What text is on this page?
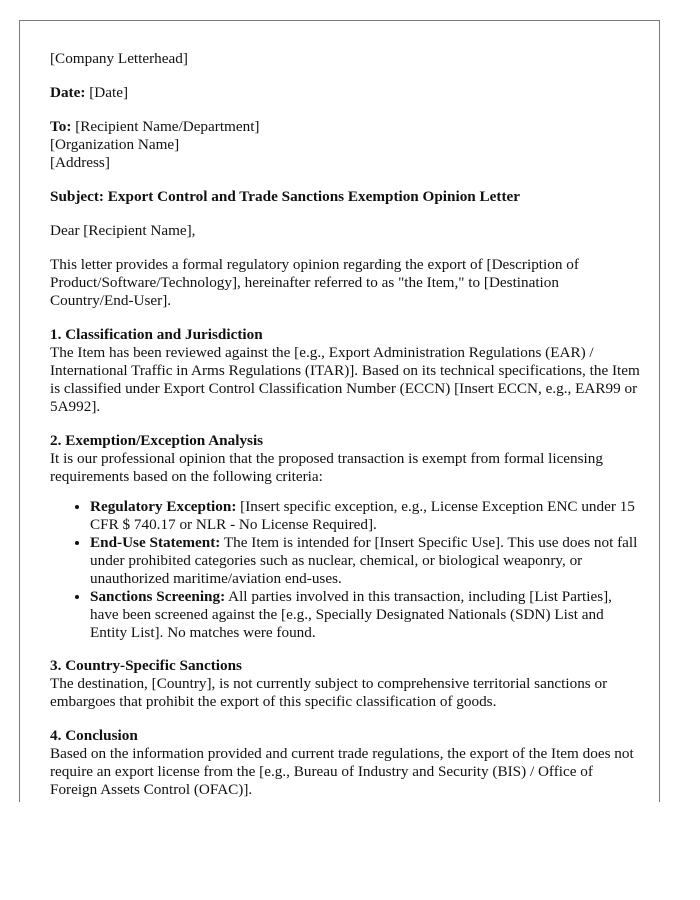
[Company Letterhead]

Date: [Date]

To: [Recipient Name/Department]
[Organization Name]
[Address]

Subject: Export Control and Trade Sanctions Exemption Opinion Letter

Dear [Recipient Name],

This letter provides a formal regulatory opinion regarding the export of [Description of Product/Software/Technology], hereinafter referred to as "the Item," to [Destination Country/End-User].

1. Classification and Jurisdiction

The Item has been reviewed against the [e.g., Export Administration Regulations (EAR) / International Traffic in Arms Regulations (ITAR)]. Based on its technical specifications, the Item is classified under Export Control Classification Number (ECCN) [Insert ECCN, e.g., EAR99 or 5A992].

2. Exemption/Exception Analysis

It is our professional opinion that the proposed transaction is exempt from formal licensing requirements based on the following criteria:

• Regulatory Exception: [Insert specific exception, e.g., License Exception ENC under 15 CFR $ 740.17 or NLR - No License Required].
• End-Use Statement: The Item is intended for [Insert Specific Use]. This use does not fall under prohibited categories such as nuclear, chemical, or biological weaponry, or unauthorized maritime/aviation end-uses.
• Sanctions Screening: All parties involved in this transaction, including [List Parties], have been screened against the [e.g., Specially Designated Nationals (SDN) List and Entity List]. No matches were found.

3. Country-Specific Sanctions

The destination, [Country], is not currently subject to comprehensive territorial sanctions or embargoes that prohibit the export of this specific classification of goods.

4. Conclusion

Based on the information provided and current trade regulations, the export of the Item does not require an export license from the [e.g., Bureau of Industry and Security (BIS) / Office of Foreign Assets Control (OFAC)].
